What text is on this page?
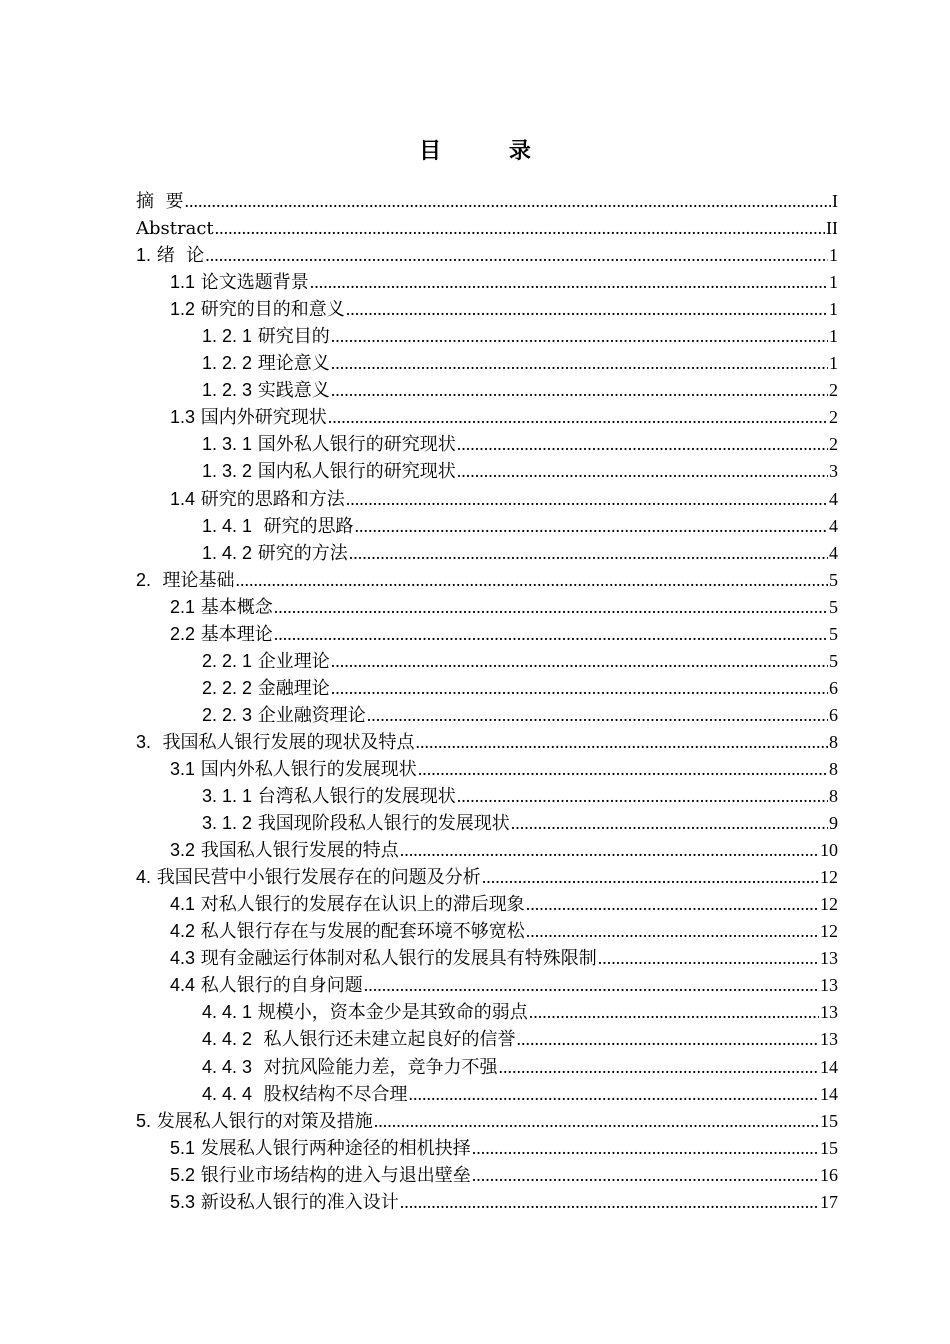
目 录
摘  要 .....	I
Abstract .....	II
1. 绪  论 .....	1
1.1 论文选题背景 .....	1
1.2 研究的目的和意义 .....	1
1. 2. 1 研究目的 .....	1
1. 2. 2 理论意义 .....	1
1. 2. 3 实践意义 .....	2
1.3 国内外研究现状 .....	2
1. 3. 1 国外私人银行的研究现状 .....	2
1. 3. 2 国内私人银行的研究现状 .....	3
1.4 研究的思路和方法 .....	4
1. 4. 1  研究的思路 .....	4
1. 4. 2 研究的方法 .....	4
2.  理论基础 .....	5
2.1 基本概念 .....	5
2.2 基本理论 .....	5
2. 2. 1 企业理论 .....	5
2. 2. 2 金融理论 .....	6
2. 2. 3 企业融资理论 .....	6
3.  我国私人银行发展的现状及特点 .....	8
3.1 国内外私人银行的发展现状 .....	8
3. 1. 1 台湾私人银行的发展现状 .....	8
3. 1. 2 我国现阶段私人银行的发展现状 .....	9
3.2 我国私人银行发展的特点 .....	10
4. 我国民营中小银行发展存在的问题及分析 .....	12
4.1 对私人银行的发展存在认识上的滞后现象 .....	12
4.2 私人银行存在与发展的配套环境不够宽松 .....	12
4.3 现有金融运行体制对私人银行的发展具有特殊限制 .....	13
4.4 私人银行的自身问题 .....	13
4. 4. 1 规模小，资本金少是其致命的弱点 .....	13
4. 4. 2  私人银行还未建立起良好的信誉 .....	13
4. 4. 3  对抗风险能力差，竞争力不强 .....	14
4. 4. 4  股权结构不尽合理 .....	14
5. 发展私人银行的对策及措施 .....	15
5.1 发展私人银行两种途径的相机抉择 .....	15
5.2 银行业市场结构的进入与退出壁垒 .....	16
5.3 新设私人银行的准入设计 .....	17
